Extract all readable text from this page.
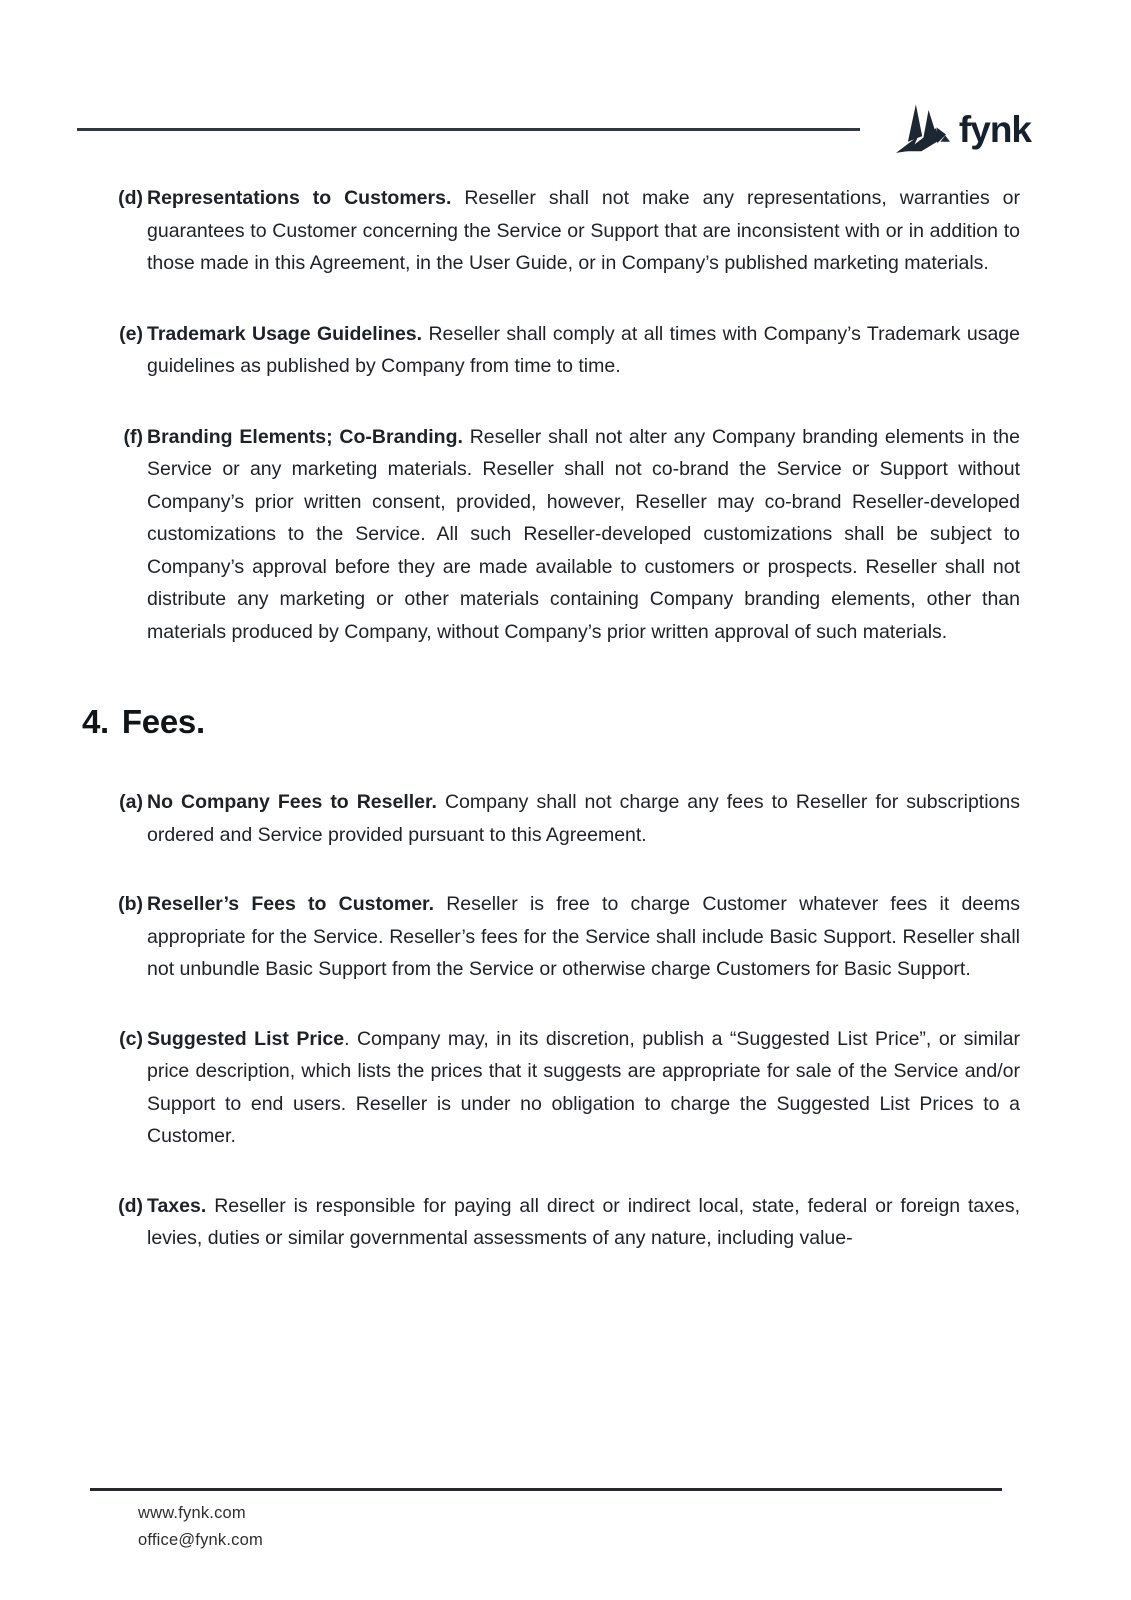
fynk
(d) Representations to Customers. Reseller shall not make any representations, warranties or guarantees to Customer concerning the Service or Support that are inconsistent with or in addition to those made in this Agreement, in the User Guide, or in Company’s published marketing materials.

(e) Trademark Usage Guidelines. Reseller shall comply at all times with Company’s Trademark usage guidelines as published by Company from time to time.

(f) Branding Elements; Co-Branding. Reseller shall not alter any Company branding elements in the Service or any marketing materials. Reseller shall not co-brand the Service or Support without Company’s prior written consent, provided, however, Reseller may co-brand Reseller-developed customizations to the Service. All such Reseller-developed customizations shall be subject to Company’s approval before they are made available to customers or prospects. Reseller shall not distribute any marketing or other materials containing Company branding elements, other than materials produced by Company, without Company’s prior written approval of such materials.

4. Fees.
(a) No Company Fees to Reseller. Company shall not charge any fees to Reseller for subscriptions ordered and Service provided pursuant to this Agreement.

(b) Reseller’s Fees to Customer. Reseller is free to charge Customer whatever fees it deems appropriate for the Service. Reseller’s fees for the Service shall include Basic Support. Reseller shall not unbundle Basic Support from the Service or otherwise charge Customers for Basic Support.

(c) Suggested List Price. Company may, in its discretion, publish a “Suggested List Price”, or similar price description, which lists the prices that it suggests are appropriate for sale of the Service and/or Support to end users. Reseller is under no obligation to charge the Suggested List Prices to a Customer.

(d) Taxes. Reseller is responsible for paying all direct or indirect local, state, federal or foreign taxes, levies, duties or similar governmental assessments of any nature, including value-

www.fynk.com
office@fynk.com
